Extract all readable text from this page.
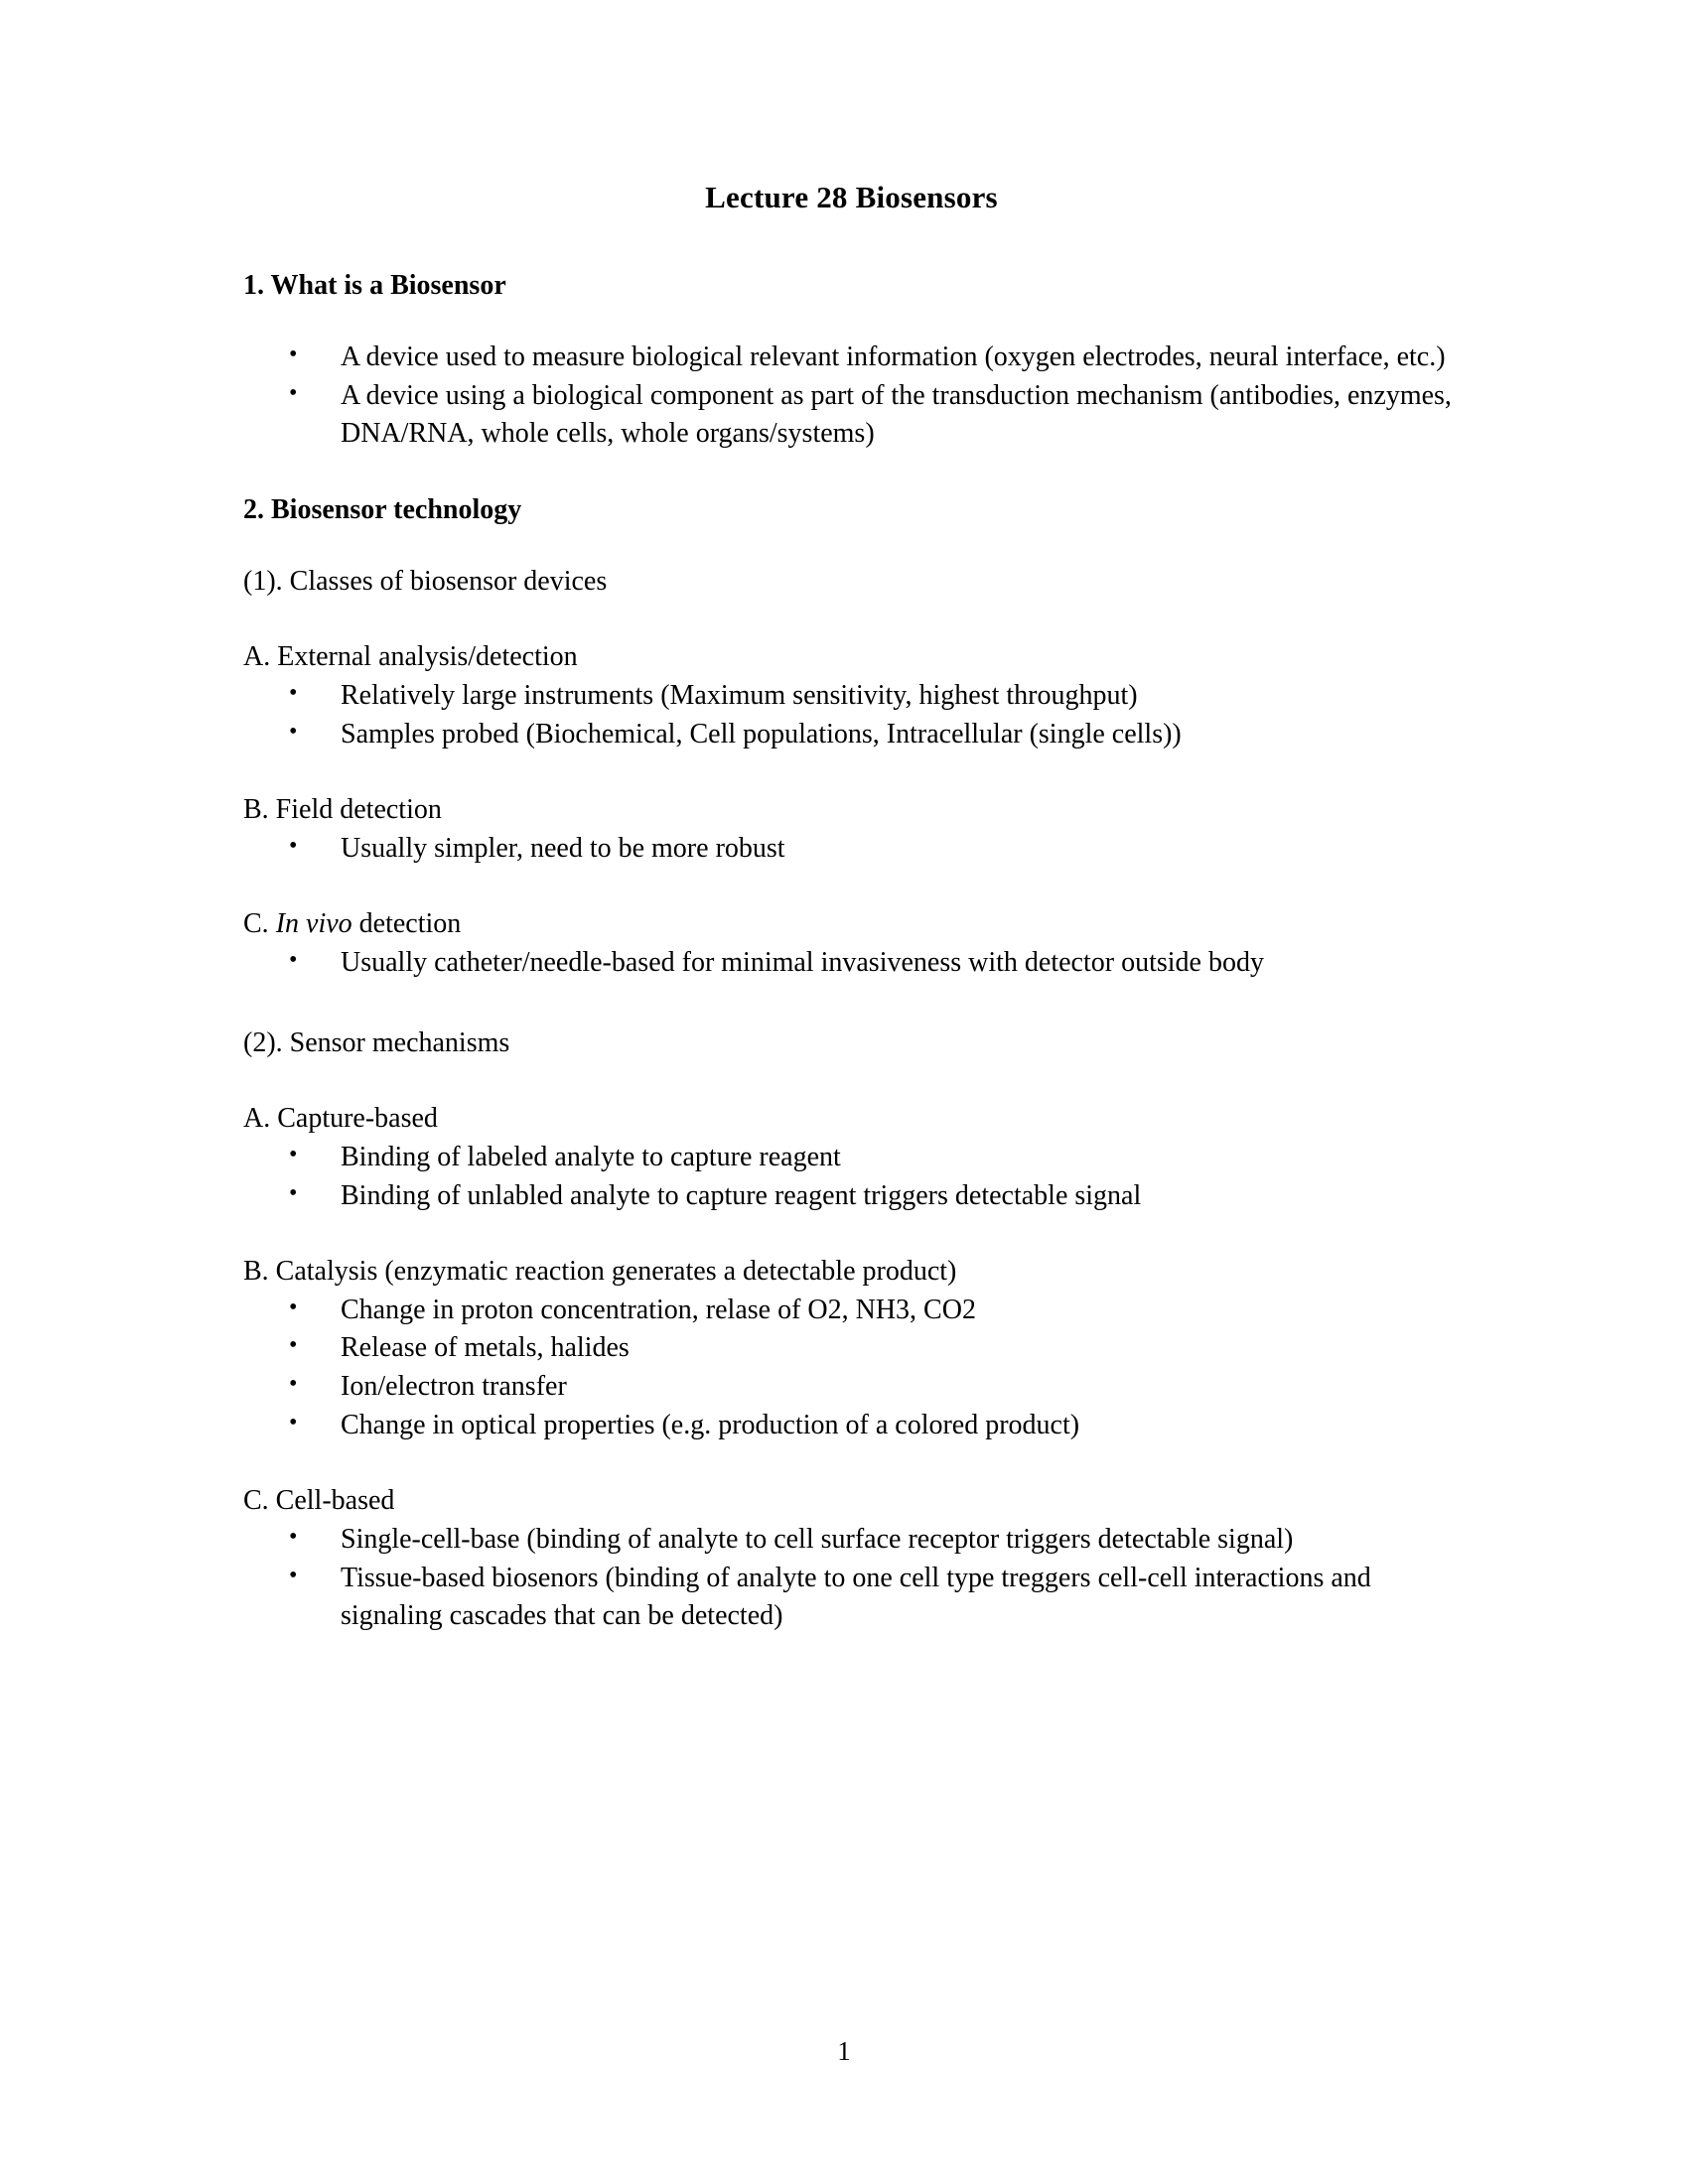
Lecture 28 Biosensors
1. What is a Biosensor
• A device used to measure biological relevant information (oxygen electrodes, neural interface, etc.)
• A device using a biological component as part of the transduction mechanism (antibodies, enzymes, DNA/RNA, whole cells, whole organs/systems)
2. Biosensor technology
(1). Classes of biosensor devices
A. External analysis/detection
• Relatively large instruments (Maximum sensitivity, highest throughput)
• Samples probed (Biochemical, Cell populations, Intracellular (single cells))
B. Field detection
• Usually simpler, need to be more robust
C. In vivo detection
• Usually catheter/needle-based for minimal invasiveness with detector outside body
(2). Sensor mechanisms
A. Capture-based
• Binding of labeled analyte to capture reagent
• Binding of unlabled analyte to capture reagent triggers detectable signal
B. Catalysis (enzymatic reaction generates a detectable product)
• Change in proton concentration, relase of O2, NH3, CO2
• Release of metals, halides
• Ion/electron transfer
• Change in optical properties (e.g. production of a colored product)
C. Cell-based
• Single-cell-base (binding of analyte to cell surface receptor triggers detectable signal)
• Tissue-based biosenors (binding of analyte to one cell type treggers cell-cell interactions and signaling cascades that can be detected)
1
